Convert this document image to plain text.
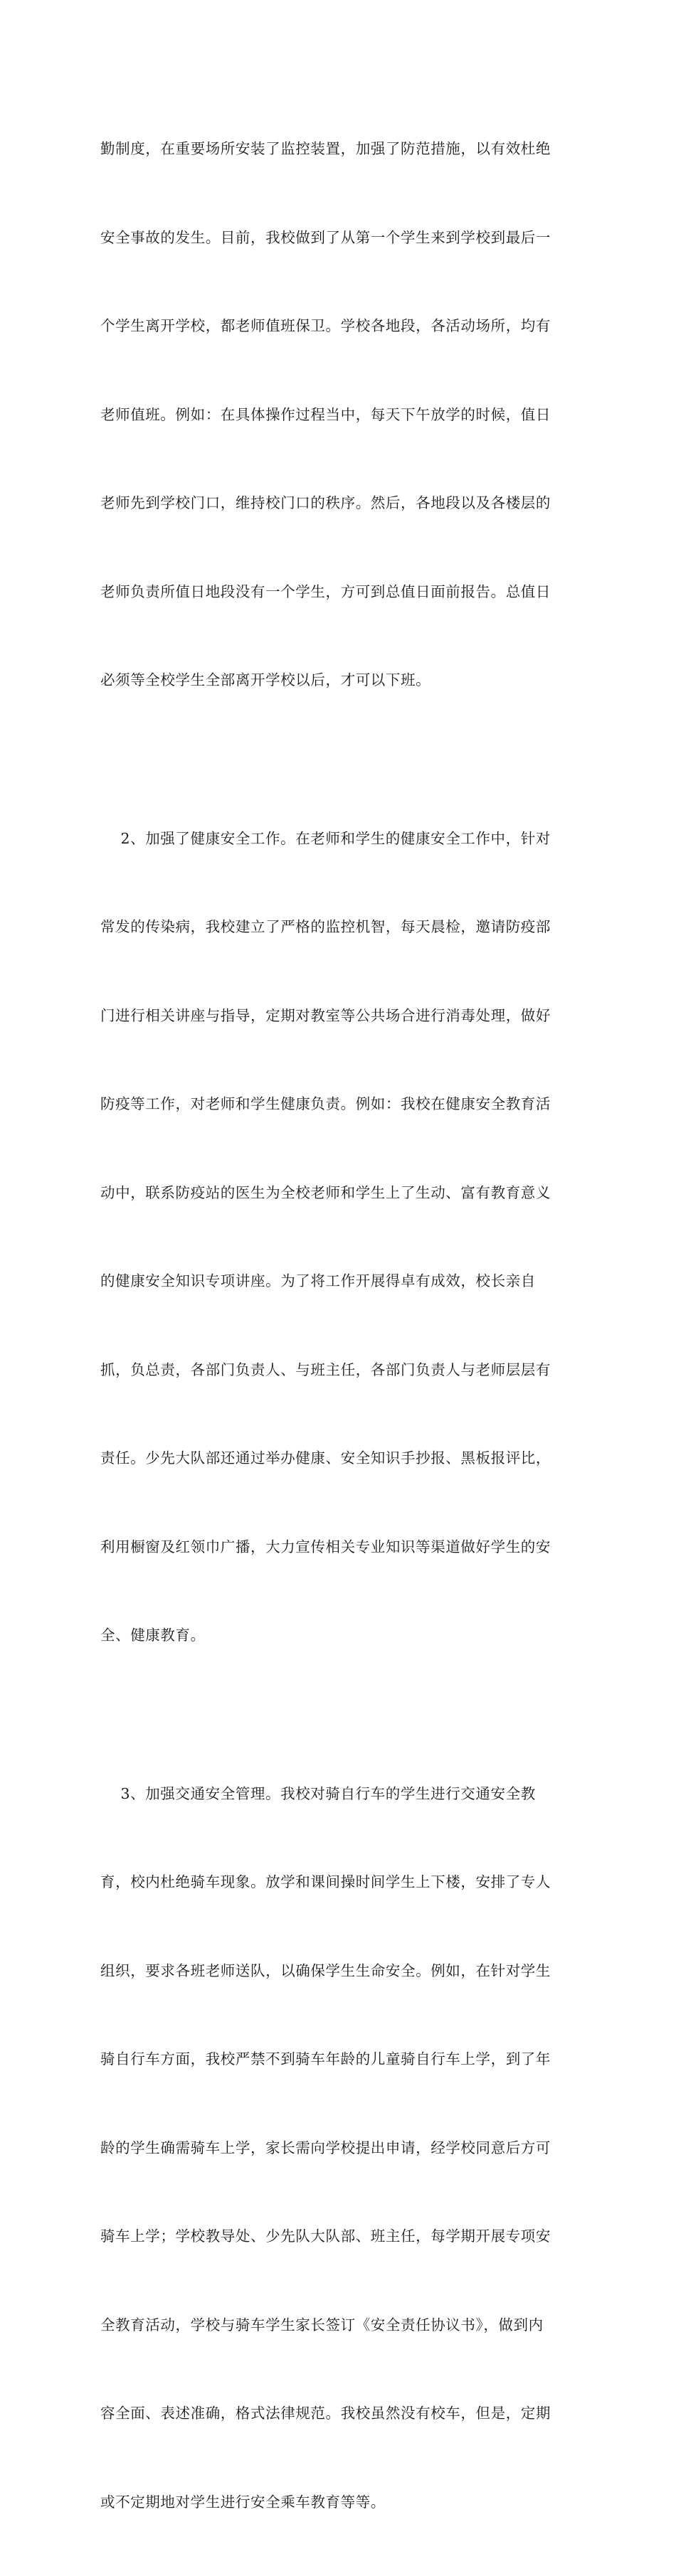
勤制度，在重要场所安装了监控装置，加强了防范措施，以有效杜绝

安全事故的发生。目前，我校做到了从第一个学生来到学校到最后一

个学生离开学校，都老师值班保卫。学校各地段，各活动场所，均有

老师值班。例如：在具体操作过程当中，每天下午放学的时候，值日

老师先到学校门口，维持校门口的秩序。然后，各地段以及各楼层的

老师负责所值日地段没有一个学生，方可到总值日面前报告。总值日

必须等全校学生全部离开学校以后，才可以下班。

2、加强了健康安全工作。在老师和学生的健康安全工作中，针对

常发的传染病，我校建立了严格的监控机智，每天晨检，邀请防疫部

门进行相关讲座与指导，定期对教室等公共场合进行消毒处理，做好

防疫等工作，对老师和学生健康负责。例如：我校在健康安全教育活

动中，联系防疫站的医生为全校老师和学生上了生动、富有教育意义

的健康安全知识专项讲座。为了将工作开展得卓有成效，校长亲自

抓，负总责，各部门负责人、与班主任，各部门负责人与老师层层有

责任。少先大队部还通过举办健康、安全知识手抄报、黑板报评比，

利用橱窗及红领巾广播，大力宣传相关专业知识等渠道做好学生的安

全、健康教育。

3、加强交通安全管理。我校对骑自行车的学生进行交通安全教

育，校内杜绝骑车现象。放学和课间操时间学生上下楼，安排了专人

组织，要求各班老师送队，以确保学生生命安全。例如，在针对学生

骑自行车方面，我校严禁不到骑车年龄的儿童骑自行车上学，到了年

龄的学生确需骑车上学，家长需向学校提出申请，经学校同意后方可

骑车上学；学校教导处、少先队大队部、班主任，每学期开展专项安

全教育活动，学校与骑车学生家长签订《安全责任协议书》，做到内

容全面、表述准确，格式法律规范。我校虽然没有校车，但是，定期

或不定期地对学生进行安全乘车教育等等。
